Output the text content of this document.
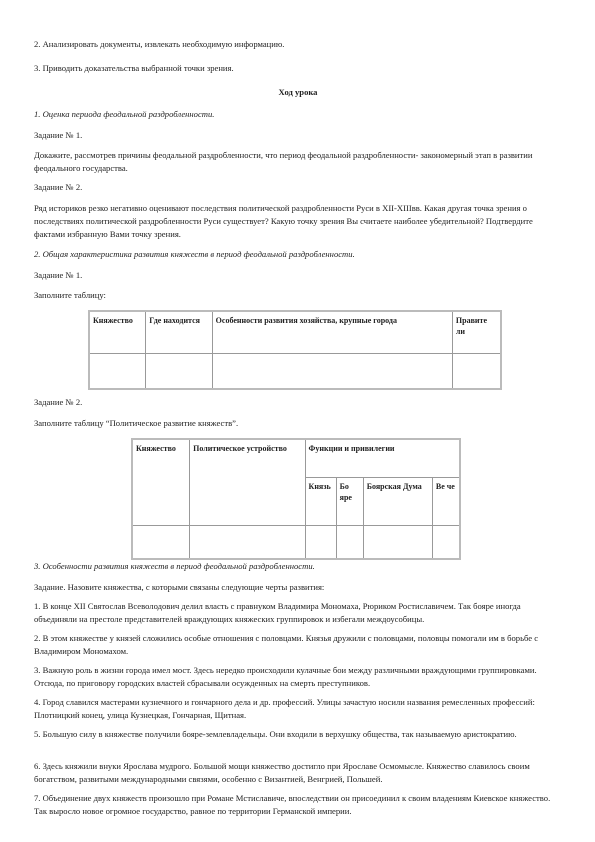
2. Анализировать документы, извлекать необходимую информацию.

3. Приводить доказательства выбранной точки зрения.

Ход урока

1. Оценка периода феодальной раздробленности.

Задание № 1.

Докажите, рассмотрев причины феодальной раздробленности, что период феодальной раздробленности- закономерный этап в развитии феодального государства.

Задание № 2.

Ряд историков резко негативно оценивают последствия политической раздробленности Руси в XII-XIIIвв. Какая другая точка зрения о последствиях политической раздробленности Руси существует? Какую точку зрения Вы считаете наиболее убедительной? Подтвердите фактами избранную Вами точку зрения.

2. Общая характеристика развития княжеств в период феодальной раздробленности.

Задание № 1.

Заполните таблицу:

Княжество	Где находится	Особенности развития хозяйства, крупные города	Правите ли

Задание № 2.

Заполните таблицу “Политическое развитие княжеств”.

Княжество	Политическое устройство	Функции и привилегии			
		Князь	Бо яре	Боярская Дума	Ве че

3. Особенности развития княжеств в период феодальной раздробленности.

Задание. Назовите княжества, с которыми связаны следующие черты развития:

1. В конце XII Святослав Всеволодович делил власть с правнуком Владимира Мономаха, Рюриком Ростиславичем. Так бояре иногда объединяли на престоле представителей враждующих княжеских группировок и избегали междоусобицы.

2. В этом княжестве у князей сложились особые отношения с половцами. Князья дружили с половцами, половцы помогали им в борьбе с Владимиром Мономахом.

3. Важную роль в жизни города имел мост. Здесь нередко происходили кулачные бои между различными враждующими группировками. Отсюда, по приговору городских властей сбрасывали осужденных на смерть преступников.

4. Город славился мастерами кузнечного и гончарного дела и др. профессий. Улицы зачастую носили названия ремесленных профессий: Плотницкий конец, улица Кузнецкая, Гончарная, Щитная.

5. Большую силу в княжестве получили бояре-землевладельцы. Они входили в верхушку общества, так называемую аристократию.

6. Здесь княжили внуки Ярослава мудрого. Большой мощи княжество достигло при Ярославе Осмомысле. Княжество славилось своим богатством, развитыми международными связями, особенно с Византией, Венгрией, Польшей.

7. Объединение двух княжеств произошло при Романе Мстиславиче, впоследствии он присоединил к своим владениям Киевское княжество. Так выросло новое огромное государство, равное по территории Германской империи.
